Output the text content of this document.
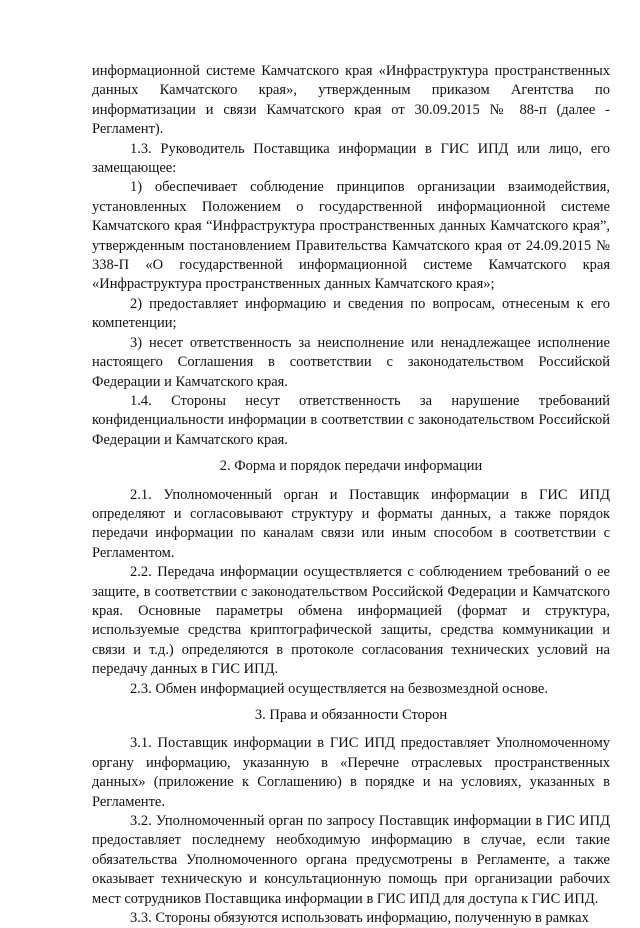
информационной системе Камчатского края «Инфраструктура пространственных данных Камчатского края», утвержденным приказом Агентства по информатизации и связи Камчатского края от 30.09.2015 № 88-п (далее - Регламент).

1.3. Руководитель Поставщика информации в ГИС ИПД или лицо, его замещающее:

1) обеспечивает соблюдение принципов организации взаимодействия, установленных Положением о государственной информационной системе Камчатского края “Инфраструктура пространственных данных Камчатского края”, утвержденным постановлением Правительства Камчатского края от 24.09.2015 № 338-П «О государственной информационной системе Камчатского края «Инфраструктура пространственных данных Камчатского края»;

2) предоставляет информацию и сведения по вопросам, отнесеным к его компетенции;

3) несет ответственность за неисполнение или ненадлежащее исполнение настоящего Соглашения в соответствии с законодательством Российской Федерации и Камчатского края.

1.4. Стороны несут ответственность за нарушение требований конфиденциальности информации в соответствии с законодательством Российской Федерации и Камчатского края.

2. Форма и порядок передачи информации

2.1. Уполномоченный орган и Поставщик информации в ГИС ИПД определяют и согласовывают структуру и форматы данных, а также порядок передачи информации по каналам связи или иным способом в соответствии с Регламентом.

2.2. Передача информации осуществляется с соблюдением требований о ее защите, в соответствии с законодательством Российской Федерации и Камчатского края. Основные параметры обмена информацией (формат и структура, используемые средства криптографической защиты, средства коммуникации и связи и т.д.) определяются в протоколе согласования технических условий на передачу данных в ГИС ИПД.

2.3. Обмен информацией осуществляется на безвозмездной основе.

3. Права и обязанности Сторон

3.1. Поставщик информации в ГИС ИПД предоставляет Уполномоченному органу информацию, указанную в «Перечне отраслевых пространственных данных» (приложение к Соглашению) в порядке и на условиях, указанных в Регламенте.

3.2. Уполномоченный орган по запросу Поставщик информации в ГИС ИПД предоставляет последнему необходимую информацию в случае, если такие обязательства Уполномоченного органа предусмотрены в Регламенте, а также оказывает техническую и консультационную помощь при организации рабочих мест сотрудников Поставщика информации в ГИС ИПД для доступа к ГИС ИПД.

3.3. Стороны обязуются использовать информацию, полученную в рамках
